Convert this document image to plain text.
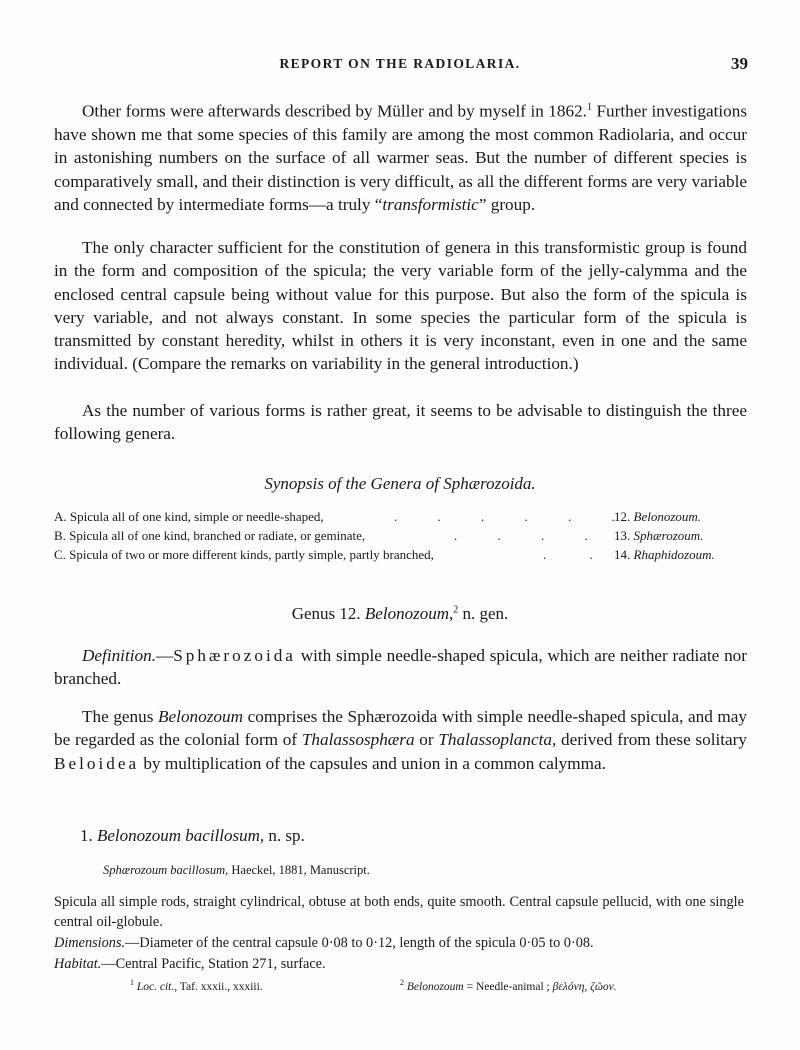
REPORT ON THE RADIOLARIA.	39

Other forms were afterwards described by Müller and by myself in 1862.$^1$ Further investigations have shown me that some species of this family are among the most common Radiolaria, and occur in astonishing numbers on the surface of all warmer seas. But the number of different species is comparatively small, and their distinction is very difficult, as all the different forms are very variable and connected by intermediate forms—a truly “transformistic” group.

The only character sufficient for the constitution of genera in this transformistic group is found in the form and composition of the spicula; the very variable form of the jelly-calymma and the enclosed central capsule being without value for this purpose. But also the form of the spicula is very variable, and not always constant. In some species the particular form of the spicula is transmitted by constant heredity, whilst in others it is very inconstant, even in one and the same individual. (Compare the remarks on variability in the general introduction.)

As the number of various forms is rather great, it seems to be advisable to distinguish the three following genera.

Synopsis of the Genera of Sphærozoida.
A. Spicula all of one kind, simple or needle-shaped,	. . . . . . 12. Belonozoum.
B. Spicula all of one kind, branched or radiate, or geminate,	. . . . 13. Sphærozoum.
C. Spicula of two or more different kinds, partly simple, partly branched,	. . 14. Rhaphidozoum.
Genus 12. Belonozoum,$^2$ n. gen.

Definition.—Sphærozoida with simple needle-shaped spicula, which are neither radiate nor branched.

The genus Belonozoum comprises the Sphærozoida with simple needle-shaped spicula, and may be regarded as the colonial form of Thalassosphæra or Thalassoplancta, derived from these solitary Beloidea by multiplication of the capsules and union in a common calymma.

1. Belonozoum bacillosum, n. sp.
Sphærozoum bacillosum, Haeckel, 1881, Manuscript.

Spicula all simple rods, straight cylindrical, obtuse at both ends, quite smooth. Central capsule pellucid, with one single central oil-globule.

Dimensions.—Diameter of the central capsule 0·08 to 0·12, length of the spicula 0·05 to 0·08.

Habitat.—Central Pacific, Station 271, surface.

$^1$ Loc. cit., Taf. xxxii., xxxiii.	$^2$ Belonozoum = Needle-animal ; βελόνη, ζῶον.
